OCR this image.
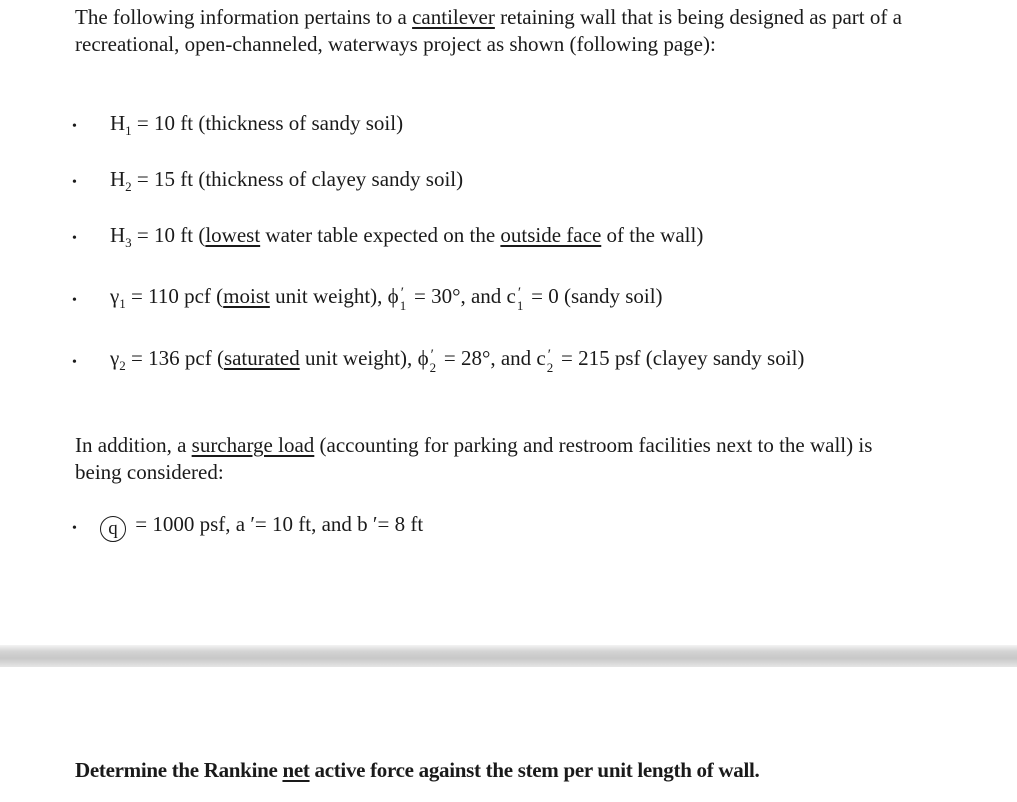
The following information pertains to a cantilever retaining wall that is being designed as part of a recreational, open-channeled, waterways project as shown (following page):

• $H_1 = 10$ ft (thickness of sandy soil)
• $H_2 = 15$ ft (thickness of clayey sandy soil)
• $H_3 = 10$ ft (lowest water table expected on the outside face of the wall)
• $\gamma_1 = 110$ pcf (moist unit weight), ϕ ′
1 = 30°, and c ′
1 = 0 (sandy soil)
• $\gamma_2 = 136$ pcf (saturated unit weight), ϕ ′
2 = 28°, and c ′
2 = 215 psf (clayey sandy soil)

In addition, a surcharge load (accounting for parking and restroom facilities next to the wall) is being considered:

•	q = 1000 psf, a ′= 10 ft, and b ′= 8 ft
Determine the Rankine net active force against the stem per unit length of wall.
